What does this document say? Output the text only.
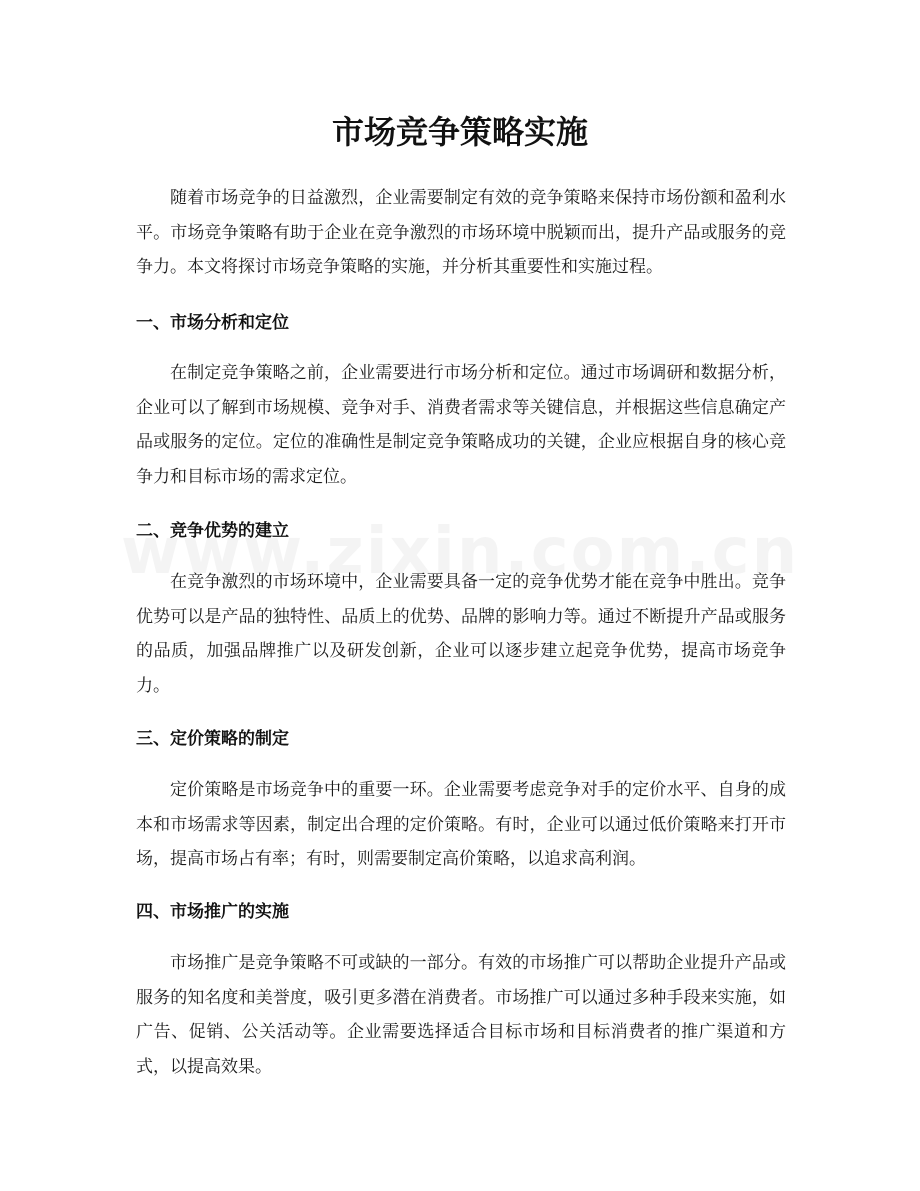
市场竞争策略实施

随着市场竞争的日益激烈，企业需要制定有效的竞争策略来保持市场份额和盈利水平。市场竞争策略有助于企业在竞争激烈的市场环境中脱颖而出，提升产品或服务的竞争力。本文将探讨市场竞争策略的实施，并分析其重要性和实施过程。

一、市场分析和定位

在制定竞争策略之前，企业需要进行市场分析和定位。通过市场调研和数据分析，企业可以了解到市场规模、竞争对手、消费者需求等关键信息，并根据这些信息确定产品或服务的定位。定位的准确性是制定竞争策略成功的关键，企业应根据自身的核心竞争力和目标市场的需求定位。

二、竞争优势的建立

在竞争激烈的市场环境中，企业需要具备一定的竞争优势才能在竞争中胜出。竞争优势可以是产品的独特性、品质上的优势、品牌的影响力等。通过不断提升产品或服务的品质，加强品牌推广以及研发创新，企业可以逐步建立起竞争优势，提高市场竞争力。

三、定价策略的制定

定价策略是市场竞争中的重要一环。企业需要考虑竞争对手的定价水平、自身的成本和市场需求等因素，制定出合理的定价策略。有时，企业可以通过低价策略来打开市场，提高市场占有率；有时，则需要制定高价策略，以追求高利润。

四、市场推广的实施

市场推广是竞争策略不可或缺的一部分。有效的市场推广可以帮助企业提升产品或服务的知名度和美誉度，吸引更多潜在消费者。市场推广可以通过多种手段来实施，如广告、促销、公关活动等。企业需要选择适合目标市场和目标消费者的推广渠道和方式，以提高效果。
